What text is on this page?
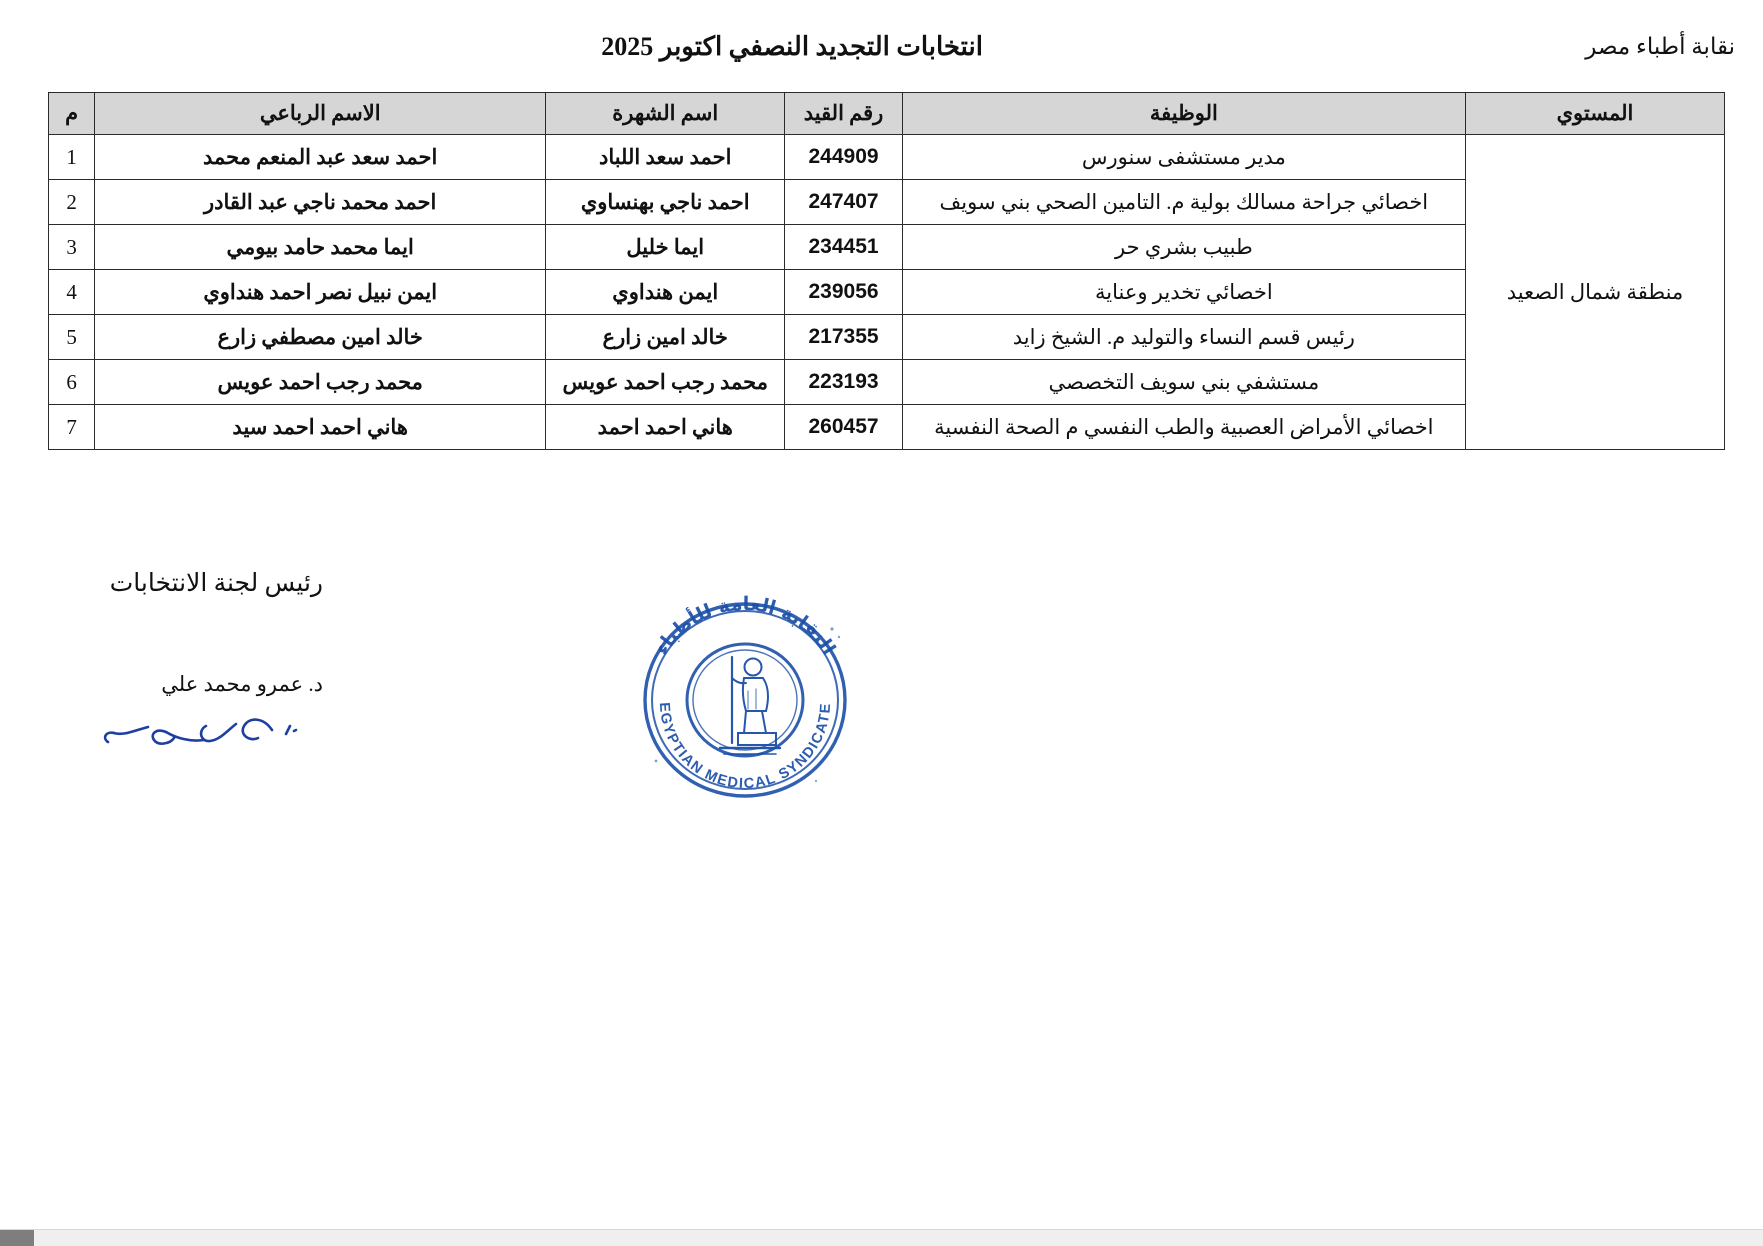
نقابة أطباء مصر
انتخابات التجديد النصفي اكتوبر 2025
المستوي	الوظيفة	رقم القيد	اسم الشهرة	الاسم الرباعي	م
منطقة شمال الصعيد	مدير مستشفى سنورس	244909	احمد سعد اللباد	احمد سعد عبد المنعم محمد	1
	اخصائي جراحة مسالك بولية م. التامين الصحي بني سويف	247407	احمد ناجي بهنساوي	احمد محمد ناجي عبد القادر	2
	طبيب بشري حر	234451	ايما خليل	ايما محمد حامد بيومي	3
	اخصائي تخدير وعناية	239056	ايمن هنداوي	ايمن نبيل نصر احمد هنداوي	4
	رئيس قسم النساء والتوليد م. الشيخ زايد	217355	خالد امين زارع	خالد امين مصطفي زارع	5
	مستشفي بني سويف التخصصي	223193	محمد رجب احمد عويس	محمد رجب احمد عويس	6
	اخصائي الأمراض العصبية والطب النفسي م الصحة النفسية	260457	هاني احمد احمد	هاني احمد احمد سيد	7
رئيس لجنة الانتخابات
د. عمرو محمد علي
النقابة العامة للأطباء
EGYPTIAN MEDICAL SYNDICATE
